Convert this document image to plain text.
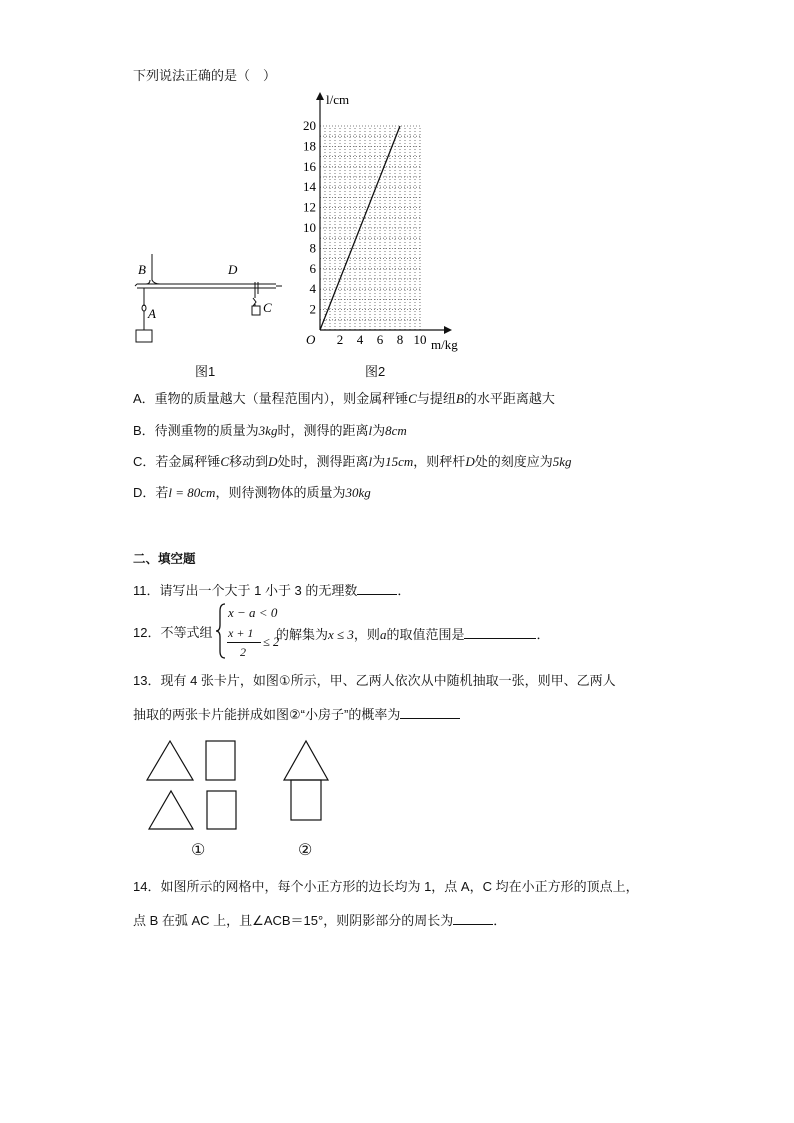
下列说法正确的是（　）
B	D
A	C
图1
2 4 6 8 10
2
4
6
8
10
12
14
16
18
20
O
l/cm
m/kg
图2
A．重物的质量越大（量程范围内），则金属秤锤C与提纽B的水平距离越大
B．待测重物的质量为3kg时，测得的距离l为8cm
C．若金属秤锤C移动到D处时，测得距离l为15cm，则秤杆D处的刻度应为5kg
D．若l = 80cm，则待测物体的质量为30kg
二、填空题
11．请写出一个大于 1 小于 3 的无理数	．
12．不等式组
x − a < 0
x + 1
2
≤ 2
的解集为x ≤ 3，则a的取值范围是	．
13．现有 4 张卡片，如图①所示，甲、乙两人依次从中随机抽取一张，则甲、乙两人
抽取的两张卡片能拼成如图②“小房子”的概率为
①	②
14．如图所示的网格中，每个小正方形的边长均为 1，点 A，C 均在小正方形的顶点上，
点 B 在弧 AC 上，且∠ACB＝15°，则阴影部分的周长为	．
